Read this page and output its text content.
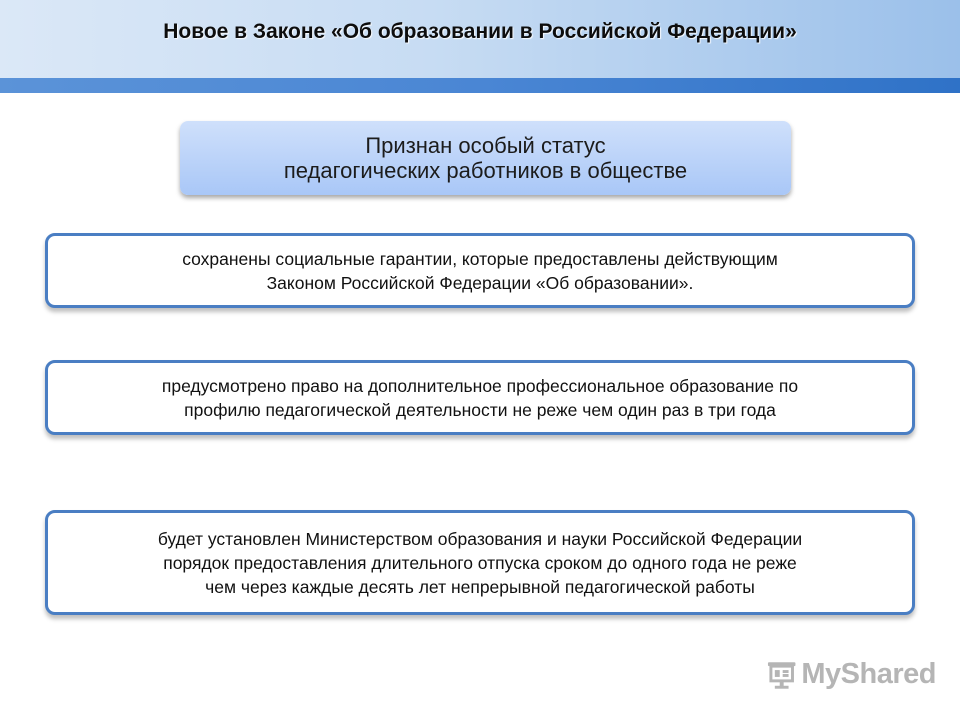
Новое в Законе «Об образовании в Российской Федерации»
Признан особый статус
педагогических работников в обществе
сохранены социальные гарантии, которые предоставлены действующим
Законом Российской Федерации «Об образовании».
предусмотрено право на дополнительное профессиональное образование по
профилю педагогической деятельности не реже чем один раз в три года
будет установлен Министерством образования и науки Российской Федерации
порядок предоставления длительного отпуска сроком до одного года не реже
чем через каждые десять лет непрерывной педагогической работы
MyShared
